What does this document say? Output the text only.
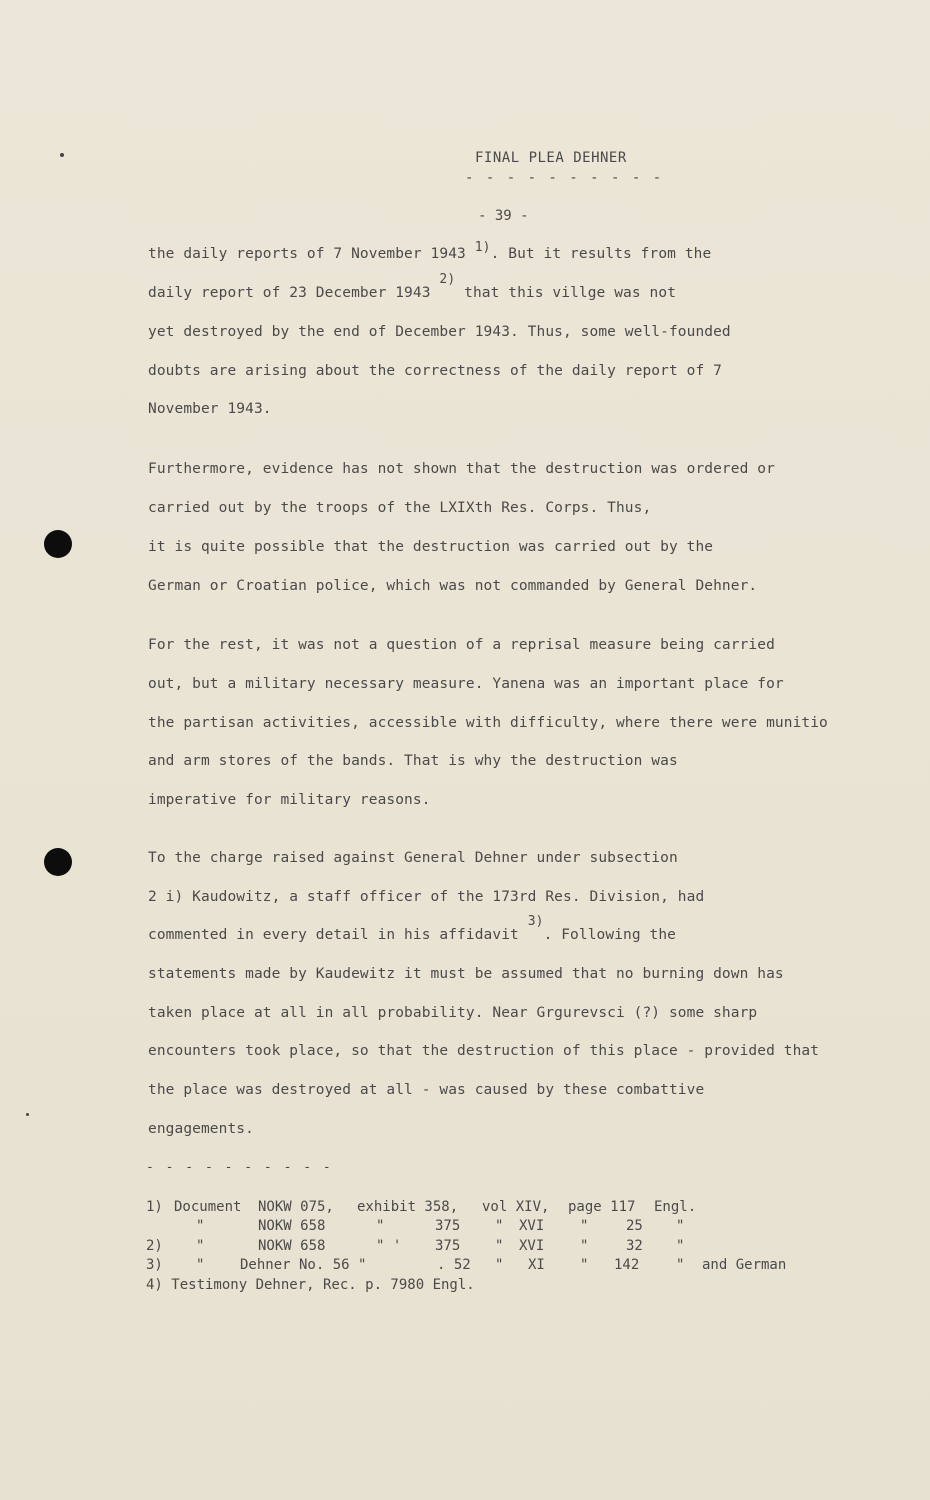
FINAL PLEA DEHNER
- - - - - - - - - -
- 39 -
the daily reports of 7 November 1943 1). But it results from the
daily report of 23 December 1943 2) that this villge was not
yet destroyed by the end of December 1943. Thus, some well-founded
doubts are arising about the correctness of the daily report of 7
November 1943.
Furthermore, evidence has not shown that the destruction was ordered or
carried out by the troops of the LXIXth Res. Corps. Thus,
it is quite possible that the destruction was carried out by the
German or Croatian police, which was not commanded by General Dehner.
For the rest, it was not a question of a reprisal measure being carried
out, but a military necessary measure. Yanena was an important place for
the partisan activities, accessible with difficulty, where there were munitio
and arm stores of the bands. That is why the destruction was
imperative for military reasons.
To the charge raised against General Dehner under subsection
2 i) Kaudowitz, a staff officer of the 173rd Res. Division, had
commented in every detail in his affidavit 3). Following the
statements made by Kaudewitz it must be assumed that no burning down has
taken place at all in all probability. Near Grgurevsci (?) some sharp
encounters took place, so that the destruction of this place - provided that
the place was destroyed at all - was caused by these combattive
engagements.
- - - - - - - - - -
1) Document NOKW 075, exhibit 358, vol XIV, page 117 Engl.
"	NOKW 658	"	375 " XVI	"	25 "
2) "	NOKW 658	" ' 375 " XVI	"	32 "
3) "	Dehner No. 56 "	. 52 " XI	" 142	" and German
4) Testimony Dehner, Rec. p. 7980 Engl.
